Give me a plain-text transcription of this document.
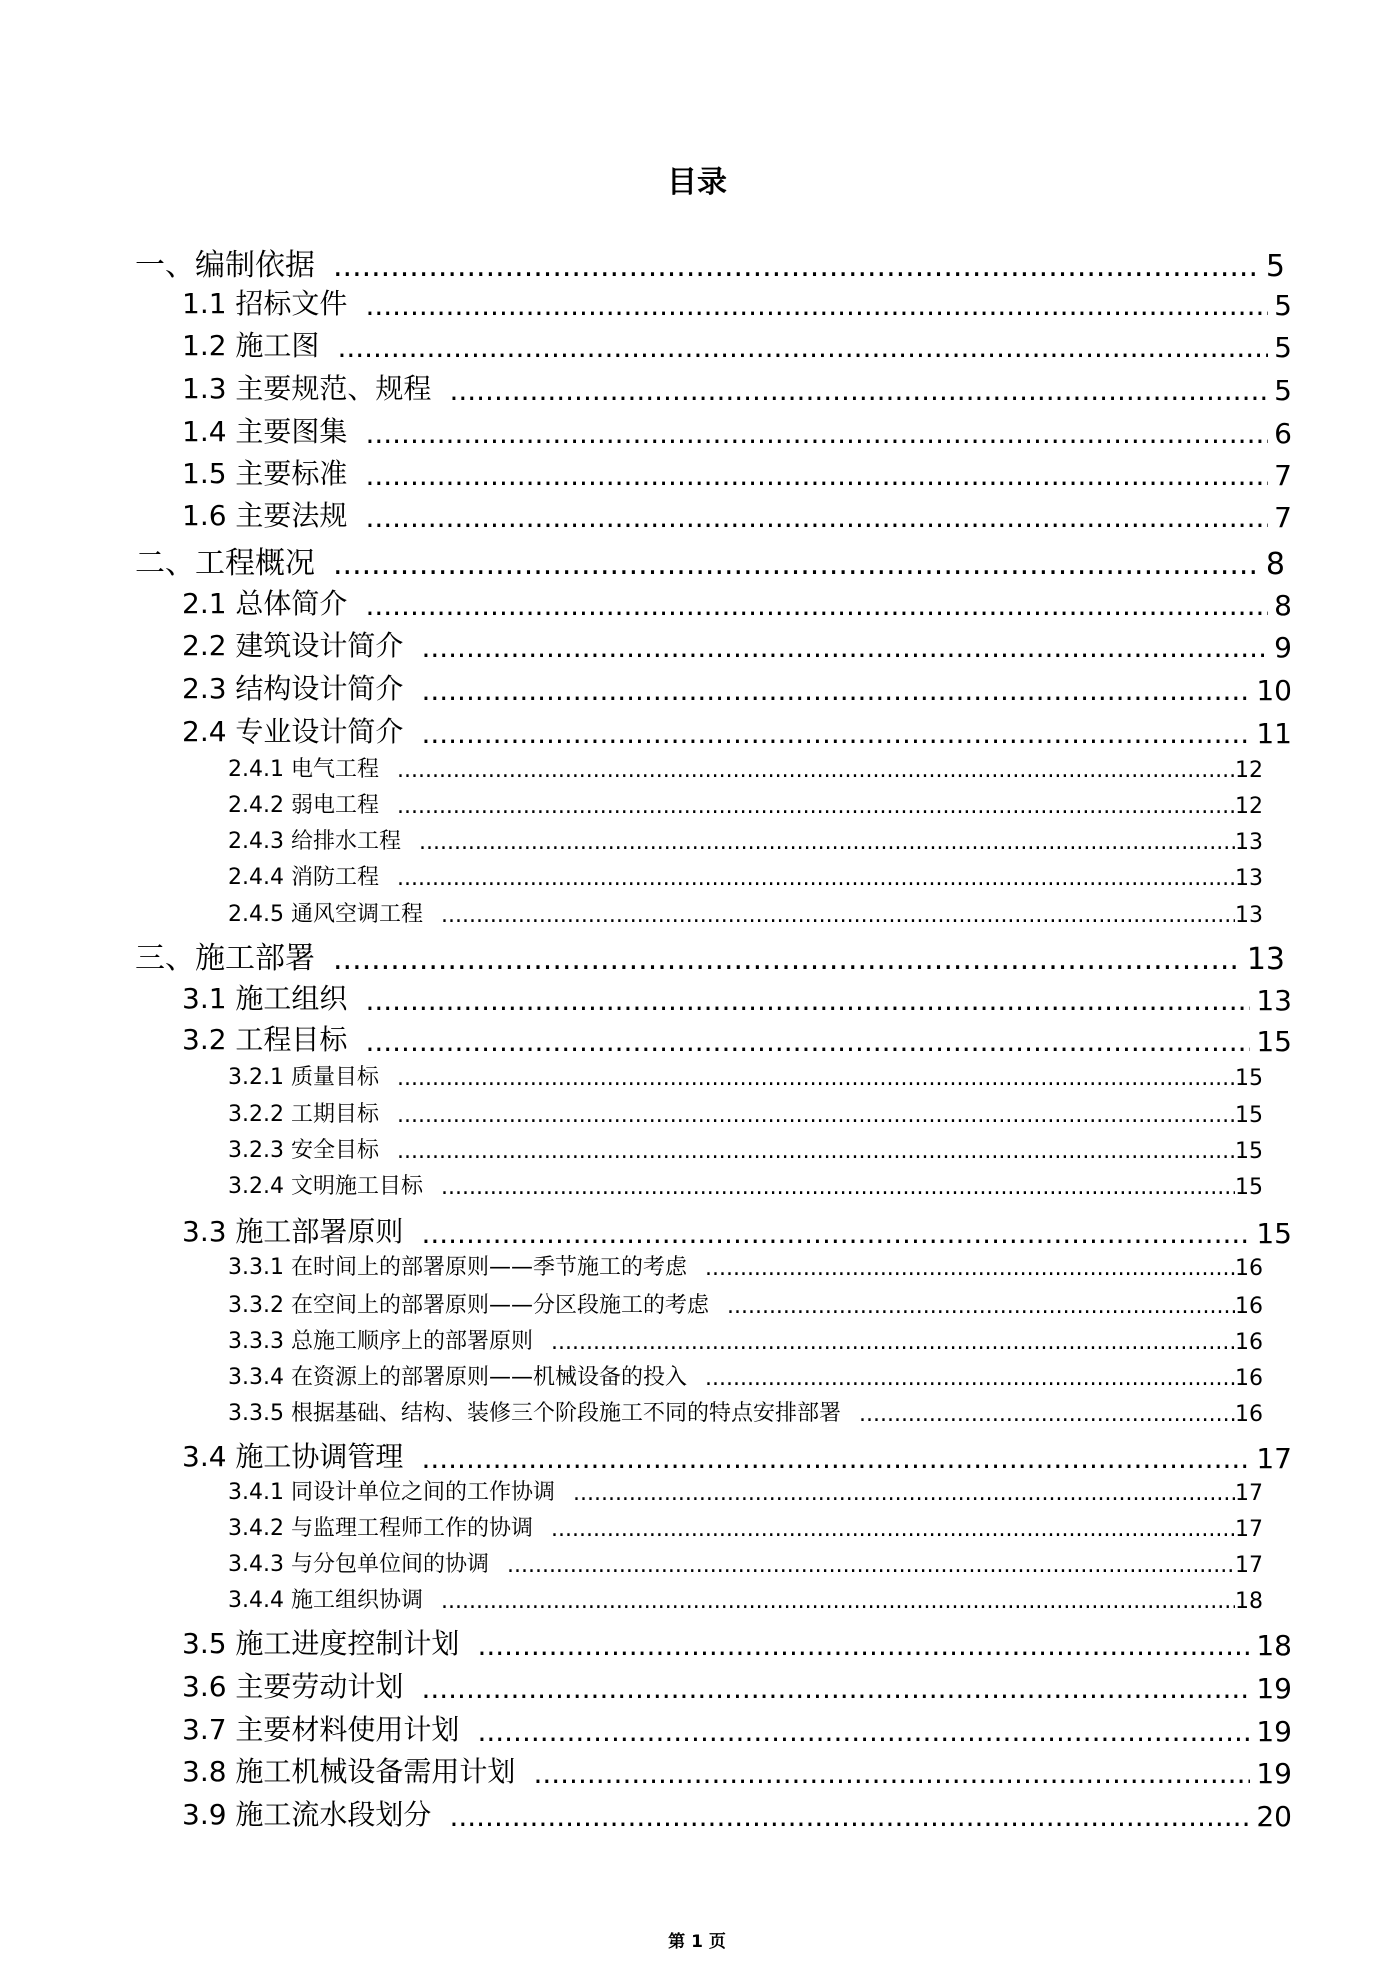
目录
一、编制依据 .....	5
1.1 招标文件 .....	5
1.2 施工图 .....	5
1.3 主要规范、规程 .....	5
1.4 主要图集 .....	6
1.5 主要标准 .....	7
1.6 主要法规 .....	7
二、工程概况 .....	8
2.1 总体简介 .....	8
2.2 建筑设计简介 .....	9
2.3 结构设计简介 .....	10
2.4 专业设计简介 .....	11
2.4.1 电气工程 .....	12
2.4.2 弱电工程 .....	12
2.4.3 给排水工程 .....	13
2.4.4 消防工程 .....	13
2.4.5 通风空调工程 .....	13
三、施工部署 .....	13
3.1 施工组织 .....	13
3.2 工程目标 .....	15
3.2.1 质量目标 .....	15
3.2.2 工期目标 .....	15
3.2.3 安全目标 .....	15
3.2.4 文明施工目标 .....	15
3.3 施工部署原则 .....	15
3.3.1 在时间上的部署原则——季节施工的考虑 .....	16
3.3.2 在空间上的部署原则——分区段施工的考虑 .....	16
3.3.3 总施工顺序上的部署原则 .....	16
3.3.4 在资源上的部署原则——机械设备的投入 .....	16
3.3.5 根据基础、结构、装修三个阶段施工不同的特点安排部署 .....	16
3.4 施工协调管理 .....	17
3.4.1 同设计单位之间的工作协调 .....	17
3.4.2 与监理工程师工作的协调 .....	17
3.4.3 与分包单位间的协调 .....	17
3.4.4 施工组织协调 .....	18
3.5 施工进度控制计划 .....	18
3.6 主要劳动计划 .....	19
3.7 主要材料使用计划 .....	19
3.8 施工机械设备需用计划 .....	19
3.9 施工流水段划分 .....	20
第 1 页
